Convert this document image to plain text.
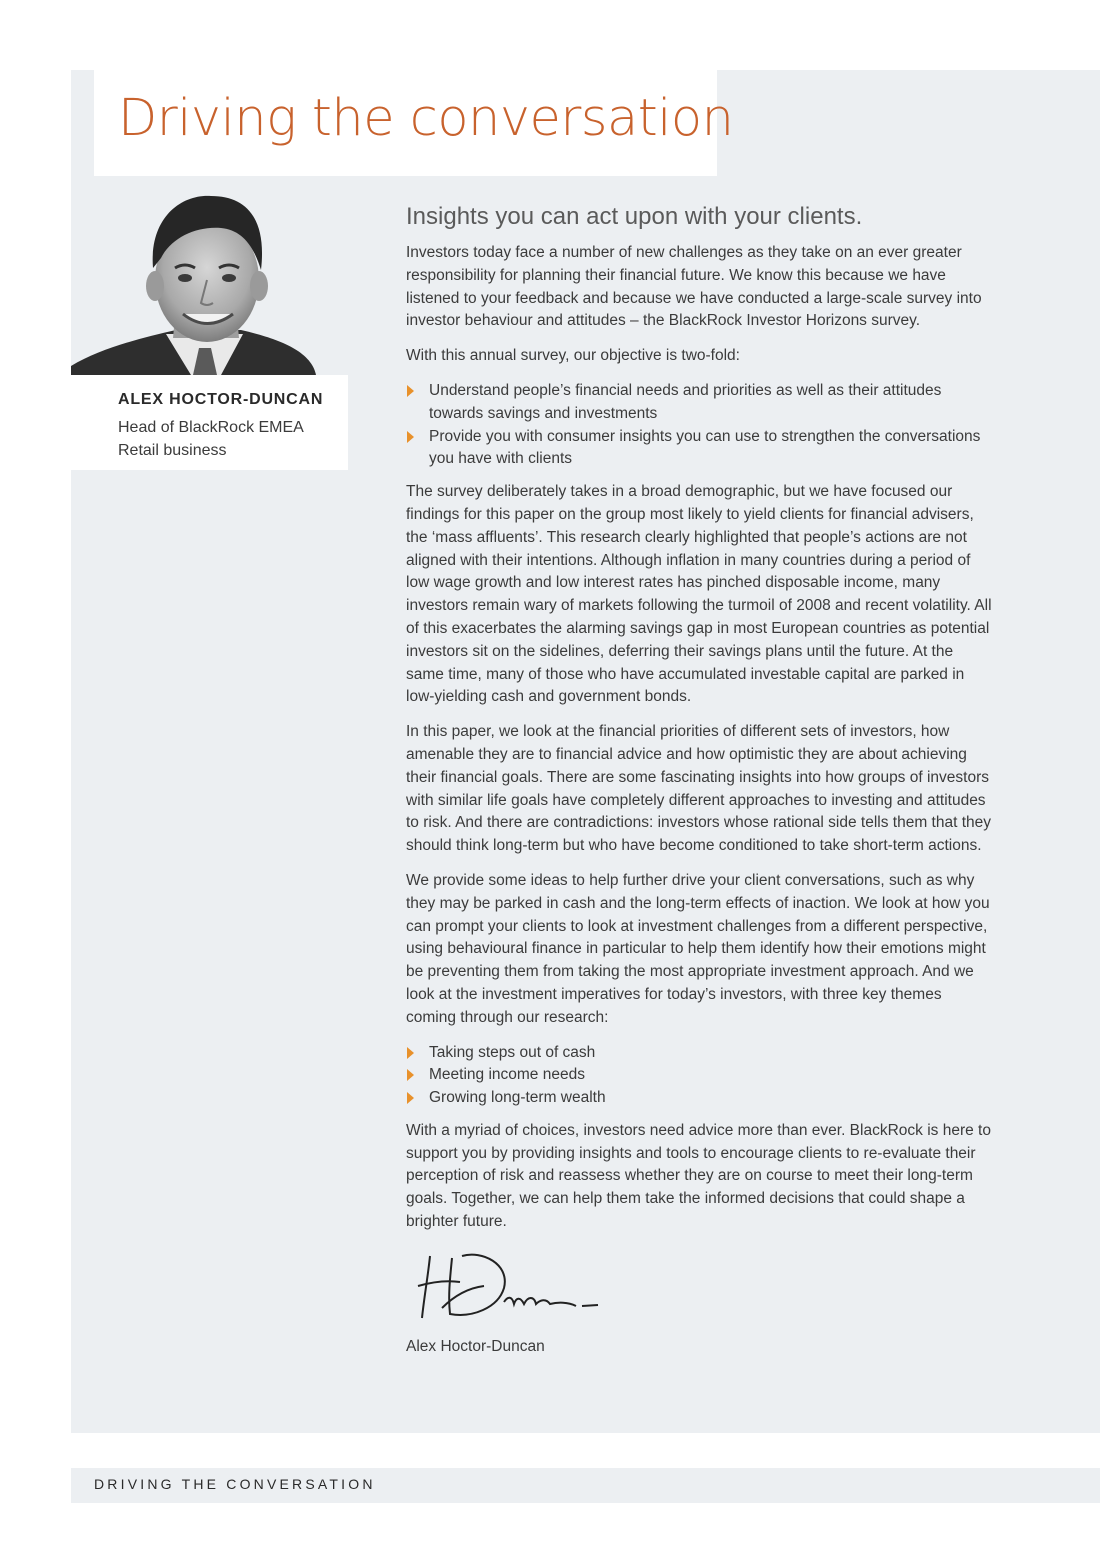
Driving the conversation

ALEX HOCTOR-DUNCAN

Head of BlackRock EMEA Retail business

Insights you can act upon with your clients.

Investors today face a number of new challenges as they take on an ever greater responsibility for planning their financial future. We know this because we have listened to your feedback and because we have conducted a large-scale survey into investor behaviour and attitudes – the BlackRock Investor Horizons survey.

With this annual survey, our objective is two-fold:

Understand people’s financial needs and priorities as well as their attitudes towards savings and investments
Provide you with consumer insights you can use to strengthen the conversations you have with clients

The survey deliberately takes in a broad demographic, but we have focused our findings for this paper on the group most likely to yield clients for financial advisers, the ‘mass affluents’. This research clearly highlighted that people’s actions are not aligned with their intentions. Although inflation in many countries during a period of low wage growth and low interest rates has pinched disposable income, many investors remain wary of markets following the turmoil of 2008 and recent volatility. All of this exacerbates the alarming savings gap in most European countries as potential investors sit on the sidelines, deferring their savings plans until the future. At the same time, many of those who have accumulated investable capital are parked in low-yielding cash and government bonds.

In this paper, we look at the financial priorities of different sets of investors, how amenable they are to financial advice and how optimistic they are about achieving their financial goals. There are some fascinating insights into how groups of investors with similar life goals have completely different approaches to investing and attitudes to risk. And there are contradictions: investors whose rational side tells them that they should think long-term but who have become conditioned to take short-term actions.

We provide some ideas to help further drive your client conversations, such as why they may be parked in cash and the long-term effects of inaction. We look at how you can prompt your clients to look at investment challenges from a different perspective, using behavioural finance in particular to help them identify how their emotions might be preventing them from taking the most appropriate investment approach. And we look at the investment imperatives for today’s investors, with three key themes coming through our research:

Taking steps out of cash
Meeting income needs
Growing long-term wealth

With a myriad of choices, investors need advice more than ever. BlackRock is here to support you by providing insights and tools to encourage clients to re-evaluate their perception of risk and reassess whether they are on course to meet their long-term goals. Together, we can help them take the informed decisions that could shape a brighter future.

Alex Hoctor-Duncan

DRIVING THE CONVERSATION
